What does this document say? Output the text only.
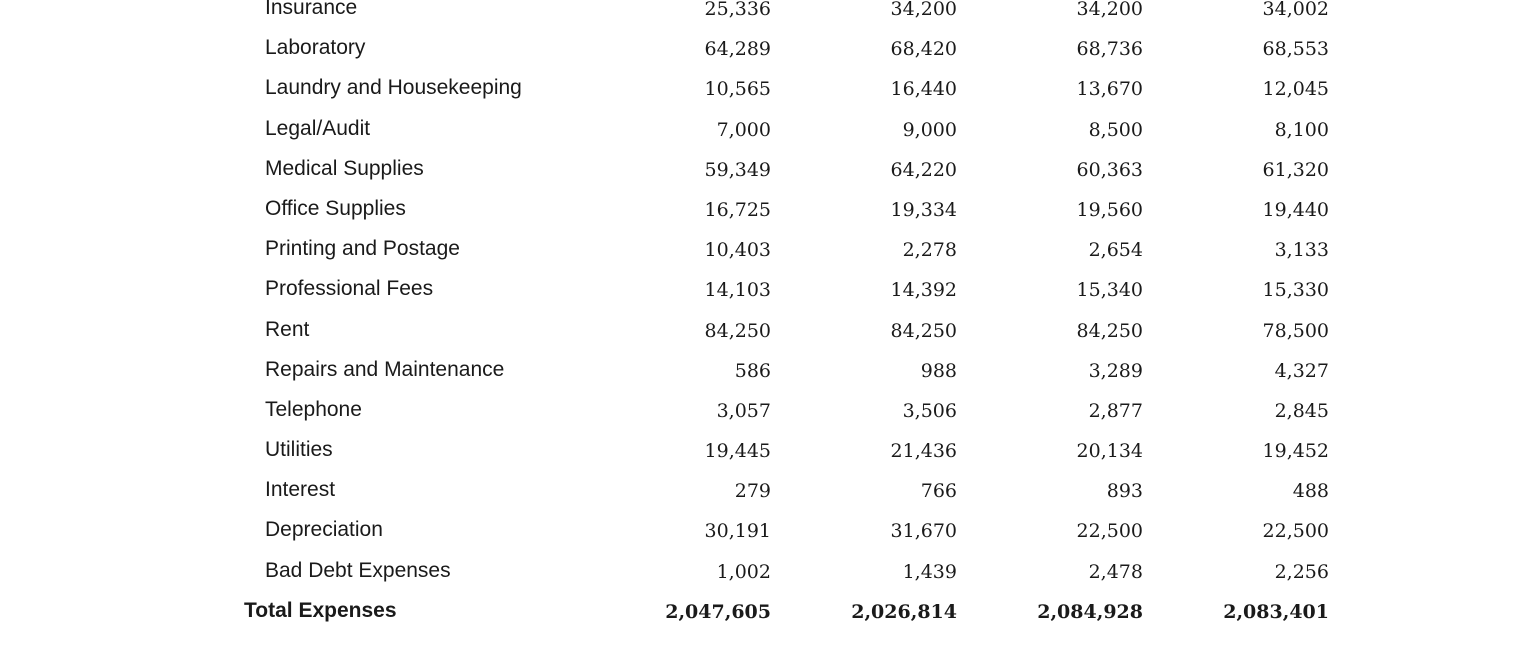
Insurance	25,336	34,200	34,200	34,002
Laboratory	64,289	68,420	68,736	68,553
Laundry and Housekeeping	10,565	16,440	13,670	12,045
Legal/Audit	7,000	9,000	8,500	8,100
Medical Supplies	59,349	64,220	60,363	61,320
Office Supplies	16,725	19,334	19,560	19,440
Printing and Postage	10,403	2,278	2,654	3,133
Professional Fees	14,103	14,392	15,340	15,330
Rent	84,250	84,250	84,250	78,500
Repairs and Maintenance	586	988	3,289	4,327
Telephone	3,057	3,506	2,877	2,845
Utilities	19,445	21,436	20,134	19,452
Interest	279	766	893	488
Depreciation	30,191	31,670	22,500	22,500
Bad Debt Expenses	1,002	1,439	2,478	2,256
Total Expenses	2,047,605	2,026,814	2,084,928	2,083,401
